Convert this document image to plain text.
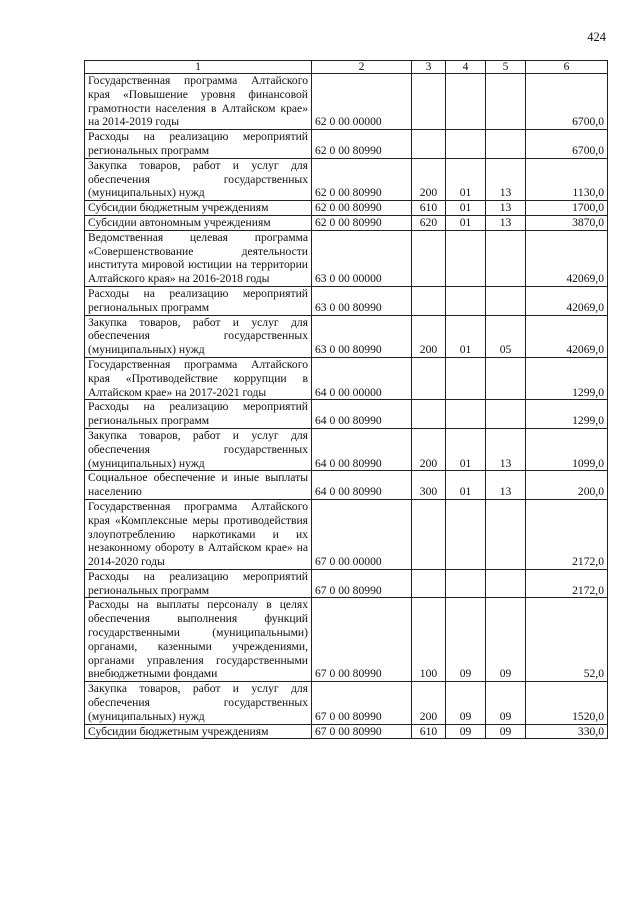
424
1	2	3	4	5	6
Государственная программа Алтайского края «Повышение уровня финансовой грамотности населения в Алтайском крае» на 2014-2019 годы	62 0 00 00000				6700,0
Расходы на реализацию мероприятий региональных программ	62 0 00 80990				6700,0
Закупка товаров, работ и услуг для обеспечения государственных (муниципальных) нужд	62 0 00 80990	200	01	13	1130,0
Субсидии бюджетным учреждениям	62 0 00 80990	610	01	13	1700,0
Субсидии автономным учреждениям	62 0 00 80990	620	01	13	3870,0
Ведомственная целевая программа «Совершенствование деятельности института мировой юстиции на территории Алтайского края» на 2016-2018 годы	63 0 00 00000				42069,0
Расходы на реализацию мероприятий региональных программ	63 0 00 80990				42069,0
Закупка товаров, работ и услуг для обеспечения государственных (муниципальных) нужд	63 0 00 80990	200	01	05	42069,0
Государственная программа Алтайского края «Противодействие коррупции в Алтайском крае» на 2017-2021 годы	64 0 00 00000				1299,0
Расходы на реализацию мероприятий региональных программ	64 0 00 80990				1299,0
Закупка товаров, работ и услуг для обеспечения государственных (муниципальных) нужд	64 0 00 80990	200	01	13	1099,0
Социальное обеспечение и иные выплаты населению	64 0 00 80990	300	01	13	200,0
Государственная программа Алтайского края «Комплексные меры противодействия злоупотреблению наркотиками и их незаконному обороту в Алтайском крае» на 2014-2020 годы	67 0 00 00000				2172,0
Расходы на реализацию мероприятий региональных программ	67 0 00 80990				2172,0
Расходы на выплаты персоналу в целях обеспечения выполнения функций государственными (муниципальными) органами, казенными учреждениями, органами управления государственными внебюджетными фондами	67 0 00 80990	100	09	09	52,0
Закупка товаров, работ и услуг для обеспечения государственных (муниципальных) нужд	67 0 00 80990	200	09	09	1520,0
Субсидии бюджетным учреждениям	67 0 00 80990	610	09	09	330,0
